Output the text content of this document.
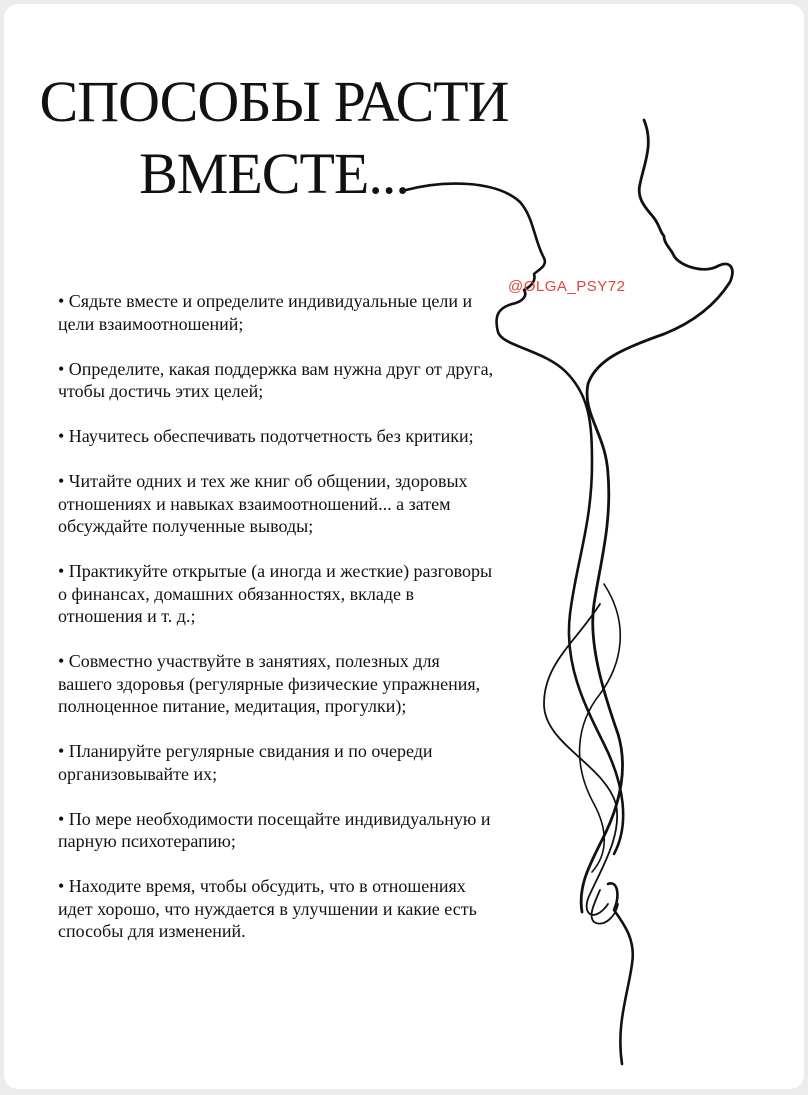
СПОСОБЫ РАСТИ
ВМЕСТЕ...
@OLGA_PSY72
• Сядьте вместе и определите индивидуальные цели и цели взаимоотношений;
• Определите, какая поддержка вам нужна друг от друга, чтобы достичь этих целей;
• Научитесь обеспечивать подотчетность без критики;
• Читайте одних и тех же книг об общении, здоровых отношениях и навыках взаимоотношений... а затем обсуждайте полученные выводы;
• Практикуйте открытые (а иногда и жесткие) разговоры о финансах, домашних обязанностях, вкладе в отношения и т. д.;
• Совместно участвуйте в занятиях, полезных для вашего здоровья (регулярные физические упражнения, полноценное питание, медитация, прогулки);
• Планируйте регулярные свидания и по очереди организовывайте их;
• По мере необходимости посещайте индивидуальную и парную психотерапию;
• Находите время, чтобы обсудить, что в отношениях идет хорошо, что нуждается в улучшении и какие есть способы для изменений.
